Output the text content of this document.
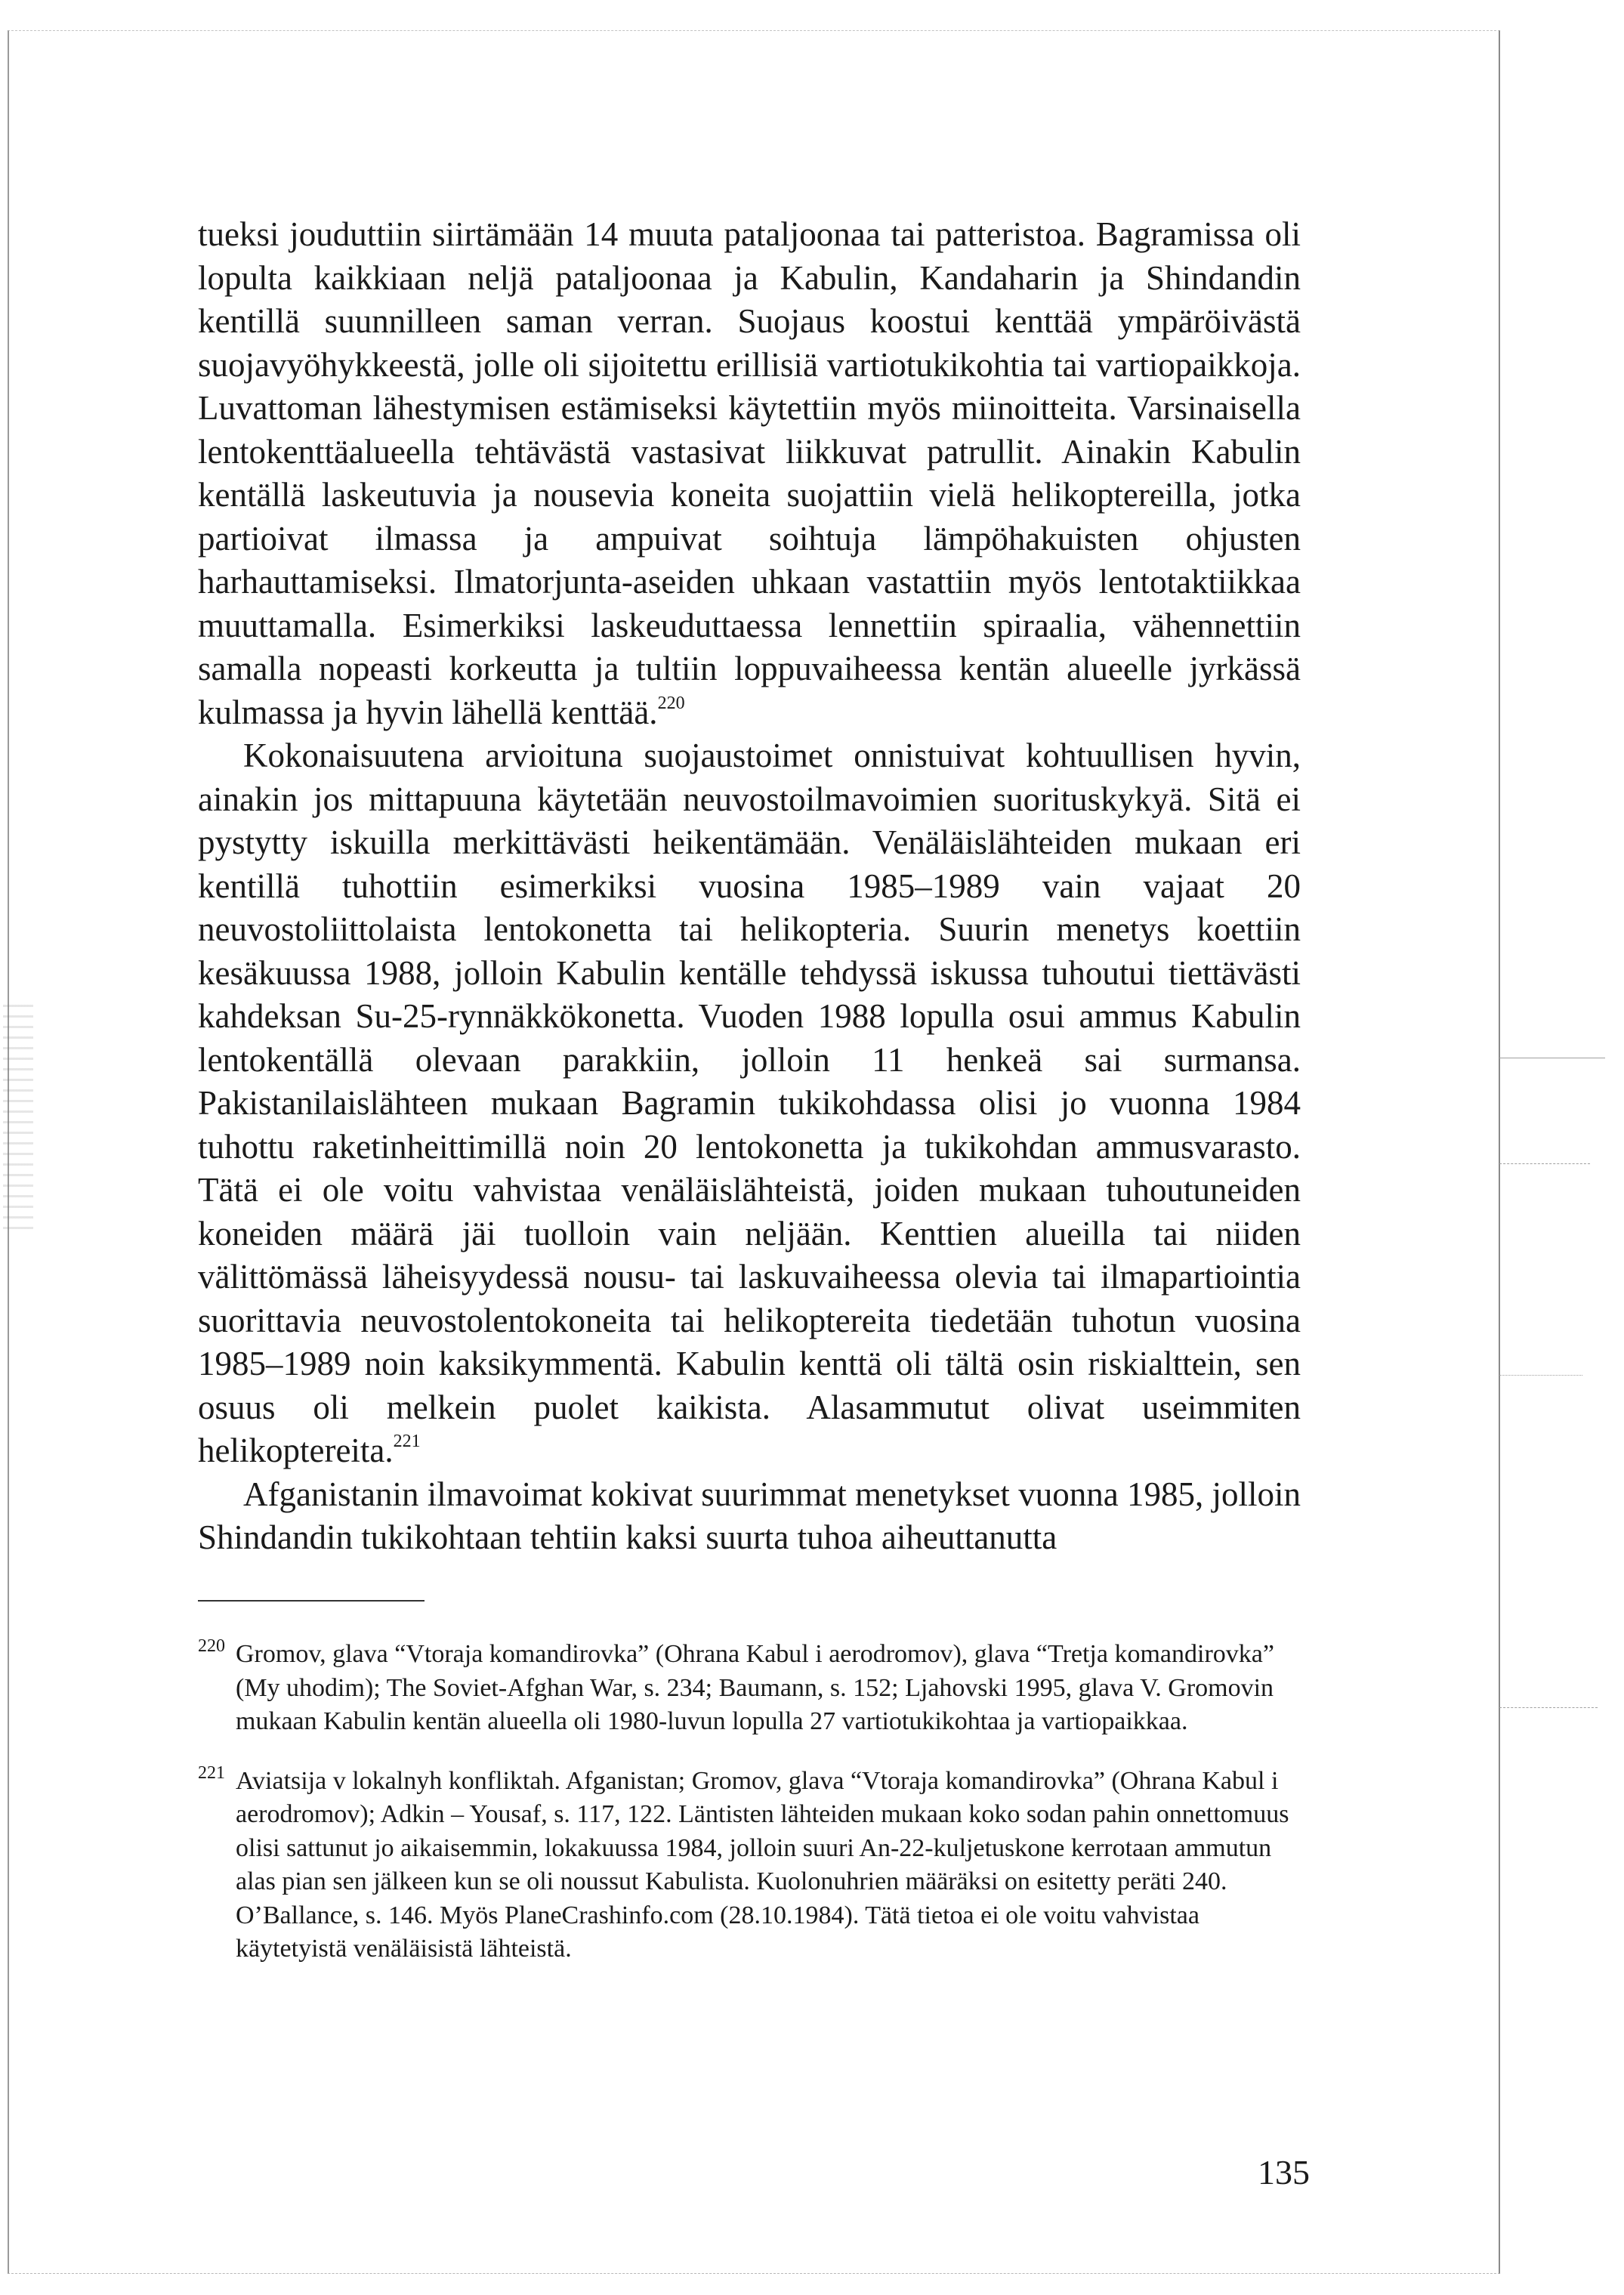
tueksi jouduttiin siirtämään 14 muuta pataljoonaa tai patteristoa. Bagramissa oli lopulta kaikkiaan neljä pataljoonaa ja Kabulin, Kandaharin ja Shindandin kentillä suunnilleen saman verran. Suojaus koostui kenttää ympäröivästä suojavyöhykkeestä, jolle oli sijoitettu erillisiä vartiotukikohtia tai vartiopaikkoja. Luvattoman lähestymisen estämiseksi käytettiin myös miinoitteita. Varsinaisella lentokenttäalueella tehtävästä vastasivat liikkuvat patrullit. Ainakin Kabulin kentällä laskeutuvia ja nousevia koneita suojattiin vielä helikoptereilla, jotka partioivat ilmassa ja ampuivat soihtuja lämpöhakuisten ohjusten harhauttamiseksi. Ilmatorjunta-aseiden uhkaan vastattiin myös lentotaktiikkaa muuttamalla. Esimerkiksi laskeuduttaessa lennettiin spiraalia, vähennettiin samalla nopeasti korkeutta ja tultiin loppuvaiheessa kentän alueelle jyrkässä kulmassa ja hyvin lähellä kenttää.$^{220}$

Kokonaisuutena arvioituna suojaustoimet onnistuivat kohtuullisen hyvin, ainakin jos mittapuuna käytetään neuvostoilmavoimien suorituskykyä. Sitä ei pystytty iskuilla merkittävästi heikentämään. Venäläislähteiden mukaan eri kentillä tuhottiin esimerkiksi vuosina 1985–1989 vain vajaat 20 neuvostoliittolaista lentokonetta tai helikopteria. Suurin menetys koettiin kesäkuussa 1988, jolloin Kabulin kentälle tehdyssä iskussa tuhoutui tiettävästi kahdeksan Su-25-rynnäkkökonetta. Vuoden 1988 lopulla osui ammus Kabulin lentokentällä olevaan parakkiin, jolloin 11 henkeä sai surmansa. Pakistanilaislähteen mukaan Bagramin tukikohdassa olisi jo vuonna 1984 tuhottu raketinheittimillä noin 20 lentokonetta ja tukikohdan ammusvarasto. Tätä ei ole voitu vahvistaa venäläislähteistä, joiden mukaan tuhoutuneiden koneiden määrä jäi tuolloin vain neljään. Kenttien alueilla tai niiden välittömässä läheisyydessä nousu- tai laskuvaiheessa olevia tai ilmapartiointia suorittavia neuvostolentokoneita tai helikoptereita tiedetään tuhotun vuosina 1985–1989 noin kaksikymmentä. Kabulin kenttä oli tältä osin riskialttein, sen osuus oli melkein puolet kaikista. Alasammutut olivat useimmiten helikoptereita.$^{221}$

Afganistanin ilmavoimat kokivat suurimmat menetykset vuonna 1985, jolloin Shindandin tukikohtaan tehtiin kaksi suurta tuhoa aiheuttanutta

220 Gromov, glava “Vtoraja komandirovka” (Ohrana Kabul i aerodromov), glava “Tretja komandirovka” (My uhodim); The Soviet-Afghan War, s. 234; Baumann, s. 152; Ljahovski 1995, glava V. Gromovin mukaan Kabulin kentän alueella oli 1980-luvun lopulla 27 vartiotukikohtaa ja vartiopaikkaa.

221 Aviatsija v lokalnyh konfliktah. Afganistan; Gromov, glava “Vtoraja komandirovka” (Ohrana Kabul i aerodromov); Adkin – Yousaf, s. 117, 122. Läntisten lähteiden mukaan koko sodan pahin onnettomuus olisi sattunut jo aikaisemmin, lokakuussa 1984, jolloin suuri An-22-kuljetuskone kerrotaan ammutun alas pian sen jälkeen kun se oli noussut Kabulista. Kuolonuhrien määräksi on esitetty peräti 240. O’Ballance, s. 146. Myös PlaneCrashinfo.com (28.10.1984). Tätä tietoa ei ole voitu vahvistaa käytetyistä venäläisistä lähteistä.

135
